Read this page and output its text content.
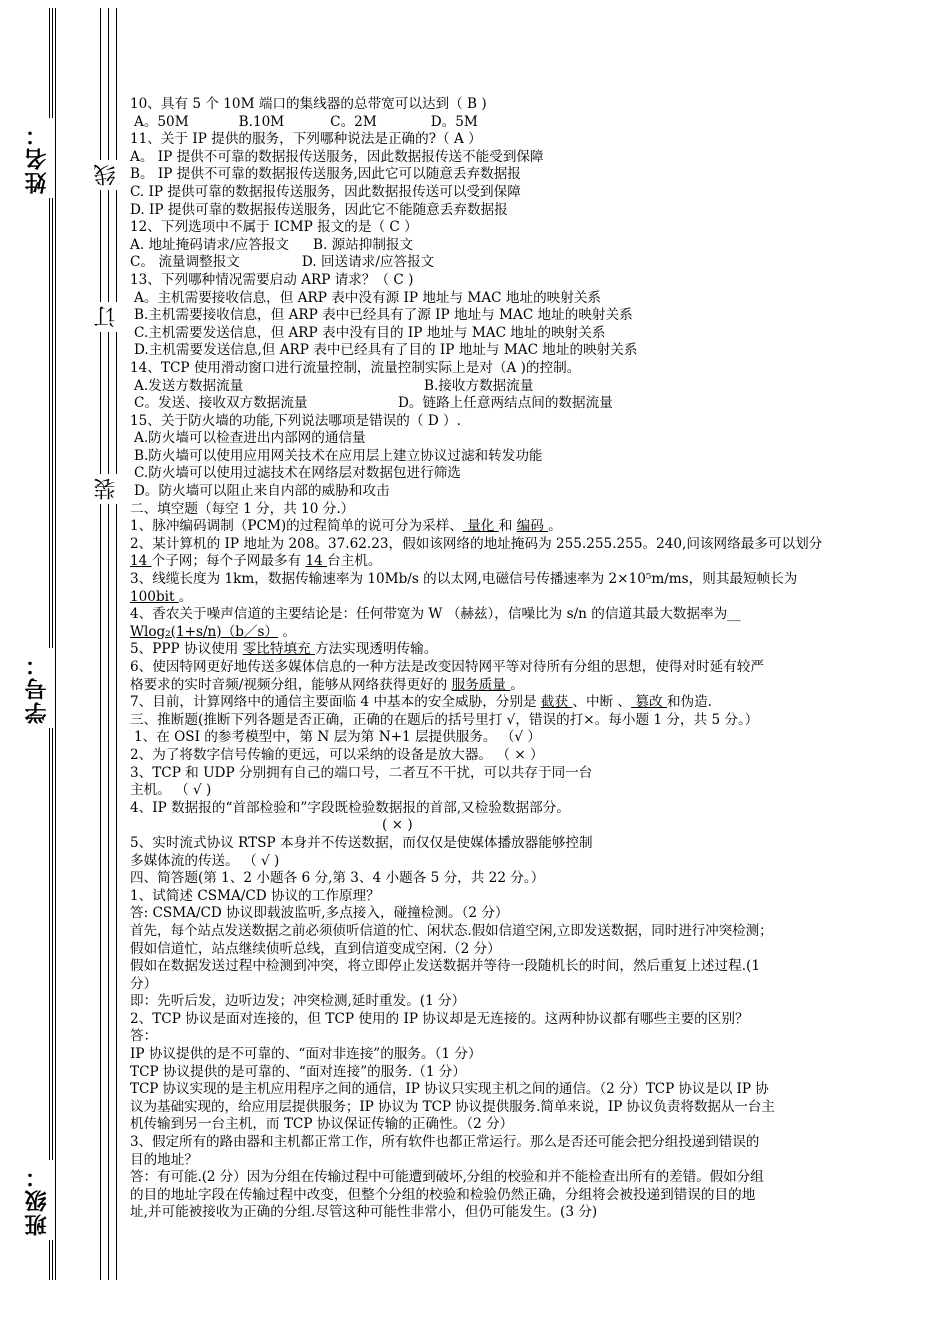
姓名：
学号：
班级：
线
订
装
10、具有 5 个 10M 端口的集线器的总带宽可以达到（ B )
A。50M	B.10M	C。2M	D。5M
11、关于 IP 提供的服务，下列哪种说法是正确的?（ A ）
A。 IP 提供不可靠的数据报传送服务，因此数据报传送不能受到保障
B。 IP 提供不可靠的数据报传送服务,因此它可以随意丢弃数据报
C. IP 提供可靠的数据报传送服务，因此数据报传送可以受到保障
D. IP 提供可靠的数据报传送服务，因此它不能随意丢弃数据报
12、下列选项中不属于 ICMP 报文的是（ C ）
A. 地址掩码请求/应答报文 B. 源站抑制报文
C。 流量调整报文	D. 回送请求/应答报文
13、下列哪种情况需要启动 ARP 请求？（ C )
A。主机需要接收信息，但 ARP 表中没有源 IP 地址与 MAC 地址的映射关系
B.主机需要接收信息，但 ARP 表中已经具有了源 IP 地址与 MAC 地址的映射关系
C.主机需要发送信息，但 ARP 表中没有目的 IP 地址与 MAC 地址的映射关系
D.主机需要发送信息,但 ARP 表中已经具有了目的 IP 地址与 MAC 地址的映射关系
14、TCP 使用滑动窗口进行流量控制，流量控制实际上是对（A )的控制。
A.发送方数据流量	B.接收方数据流量
C。发送、接收双方数据流量	D。链路上任意两结点间的数据流量
15、关于防火墙的功能,下列说法哪项是错误的（ D ）.
A.防火墙可以检查进出内部网的通信量
B.防火墙可以使用应用网关技术在应用层上建立协议过滤和转发功能
C.防火墙可以使用过滤技术在网络层对数据包进行筛选
D。防火墙可以阻止来自内部的威胁和攻击
二、填空题（每空 1 分，共 10 分.）
1、脉冲编码调制（PCM)的过程简单的说可分为采样、 量化 和 编码 。
2、某计算机的 IP 地址为 208。37.62.23，假如该网络的地址掩码为 255.255.255。240,问该网络最多可以划分
14 个子网；每个子网最多有 14 台主机。
3、线缆长度为 1km，数据传输速率为 10Mb/s 的以太网,电磁信号传播速率为 2×10⁵m/ms，则其最短帧长为
100bit 。
4、香农关于噪声信道的主要结论是：任何带宽为 W （赫兹），信噪比为 s/n 的信道其最大数据率为__
Wlog₂(1+s/n)（b／s） 。
5、PPP 协议使用 零比特填充 方法实现透明传输。
6、使因特网更好地传送多媒体信息的一种方法是改变因特网平等对待所有分组的思想，使得对时延有较严
格要求的实时音频/视频分组，能够从网络获得更好的 服务质量 。
7、目前，计算网络中的通信主要面临 4 中基本的安全威胁，分别是 截获 、中断 、 篡改 和伪造.
三、推断题(推断下列各题是否正确，正确的在题后的括号里打 √，错误的打×。每小题 1 分，共 5 分。）
1、在 OSI 的参考模型中，第 N 层为第 N+1 层提供服务。 （√ ）
2、为了将数字信号传输的更远，可以采纳的设备是放大器。 （ × ）
3、TCP 和 UDP 分别拥有自己的端口号，二者互不干扰，可以共存于同一台
主机。 （ √ )
4、IP 数据报的“首部检验和”字段既检验数据报的首部,又检验数据部分。
( × )
5、实时流式协议 RTSP 本身并不传送数据，而仅仅是使媒体播放器能够控制
多媒体流的传送。 （ √ )
四、简答题(第 1、2 小题各 6 分,第 3、4 小题各 5 分，共 22 分。）
1、试简述 CSMA/CD 协议的工作原理？
答: CSMA/CD 协议即载波监听,多点接入，碰撞检测。（2 分）
首先，每个站点发送数据之前必须侦听信道的忙、闲状态.假如信道空闲,立即发送数据，同时进行冲突检测；
假如信道忙，站点继续侦听总线，直到信道变成空闲.（2 分）
假如在数据发送过程中检测到冲突，将立即停止发送数据并等待一段随机长的时间，然后重复上述过程.(1
分）
即：先听后发，边听边发；冲突检测,延时重发。(1 分）
2、TCP 协议是面对连接的，但 TCP 使用的 IP 协议却是无连接的。这两种协议都有哪些主要的区别？
答：
IP 协议提供的是不可靠的、“面对非连接”的服务。（1 分）
TCP 协议提供的是可靠的、“面对连接”的服务.（1 分）
TCP 协议实现的是主机应用程序之间的通信，IP 协议只实现主机之间的通信。（2 分）TCP 协议是以 IP 协
议为基础实现的，给应用层提供服务；IP 协议为 TCP 协议提供服务.简单来说，IP 协议负责将数据从一台主
机传输到另一台主机，而 TCP 协议保证传输的正确性。（2 分）
3、假定所有的路由器和主机都正常工作，所有软件也都正常运行。那么是否还可能会把分组投递到错误的
目的地址？
答：有可能.(2 分）因为分组在传输过程中可能遭到破坏,分组的校验和并不能检查出所有的差错。假如分组
的目的地址字段在传输过程中改变，但整个分组的校验和检验仍然正确，分组将会被投递到错误的目的地
址,并可能被接收为正确的分组.尽管这种可能性非常小，但仍可能发生。(3 分)
